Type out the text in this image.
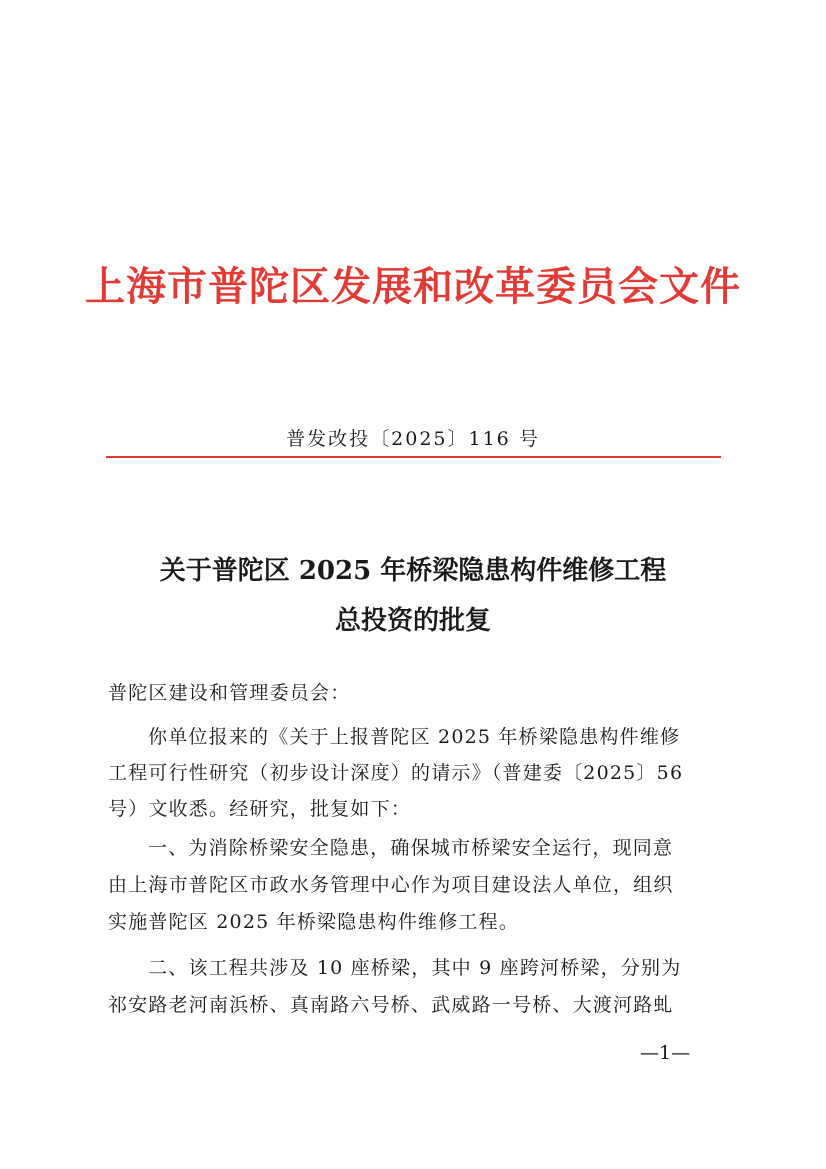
上海市普陀区发展和改革委员会文件
普发改投〔2025〕116 号
关于普陀区 2025 年桥梁隐患构件维修工程
总投资的批复
普陀区建设和管理委员会：
你单位报来的《关于上报普陀区 2025 年桥梁隐患构件维修
工程可行性研究（初步设计深度）的请示》（普建委〔2025〕56
号）文收悉。经研究，批复如下：
一、为消除桥梁安全隐患，确保城市桥梁安全运行，现同意
由上海市普陀区市政水务管理中心作为项目建设法人单位，组织
实施普陀区 2025 年桥梁隐患构件维修工程。
二、该工程共涉及 10 座桥梁，其中 9 座跨河桥梁，分别为
祁安路老河南浜桥、真南路六号桥、武威路一号桥、大渡河路虬
—1—
